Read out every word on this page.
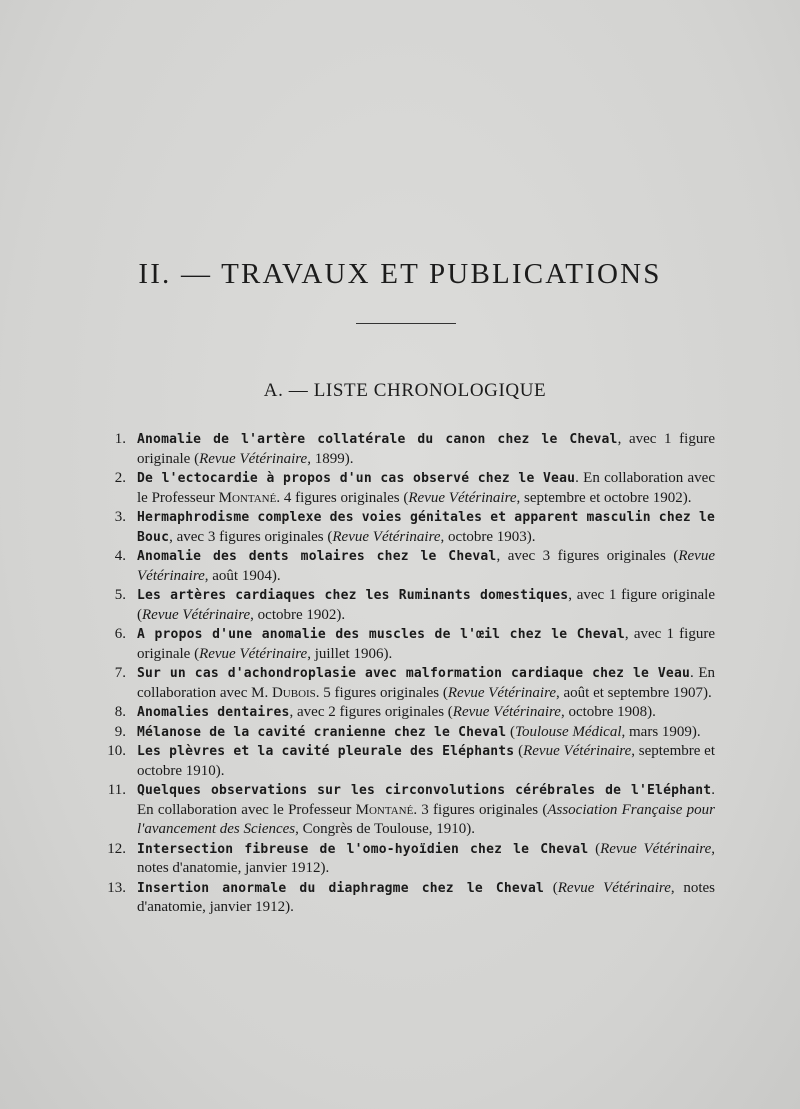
II. — TRAVAUX ET PUBLICATIONS
A. — LISTE CHRONOLOGIQUE
1. Anomalie de l'artère collatérale du canon chez le Cheval, avec 1 figure originale (Revue Vétérinaire, 1899).
2. De l'ectocardie à propos d'un cas observé chez le Veau. En collaboration avec le Professeur Montané. 4 figures originales (Revue Vétérinaire, septembre et octobre 1902).
3. Hermaphrodisme complexe des voies génitales et apparent masculin chez le Bouc, avec 3 figures originales (Revue Vétérinaire, octobre 1903).
4. Anomalie des dents molaires chez le Cheval, avec 3 figures originales (Revue Vétérinaire, août 1904).
5. Les artères cardiaques chez les Ruminants domestiques, avec 1 figure originale (Revue Vétérinaire, octobre 1902).
6. A propos d'une anomalie des muscles de l'œil chez le Cheval, avec 1 figure originale (Revue Vétérinaire, juillet 1906).
7. Sur un cas d'achondroplasie avec malformation cardiaque chez le Veau. En collaboration avec M. Dubois. 5 figures originales (Revue Vétérinaire, août et septembre 1907).
8. Anomalies dentaires, avec 2 figures originales (Revue Vétérinaire, octobre 1908).
9. Mélanose de la cavité cranienne chez le Cheval (Toulouse Médical, mars 1909).
10. Les plèvres et la cavité pleurale des Eléphants (Revue Vétérinaire, septembre et octobre 1910).
11. Quelques observations sur les circonvolutions cérébrales de l'Eléphant. En collaboration avec le Professeur Montané. 3 figures originales (Association Française pour l'avancement des Sciences, Congrès de Toulouse, 1910).
12. Intersection fibreuse de l'omo-hyoïdien chez le Cheval (Revue Vétérinaire, notes d'anatomie, janvier 1912).
13. Insertion anormale du diaphragme chez le Cheval (Revue Vétérinaire, notes d'anatomie, janvier 1912).
